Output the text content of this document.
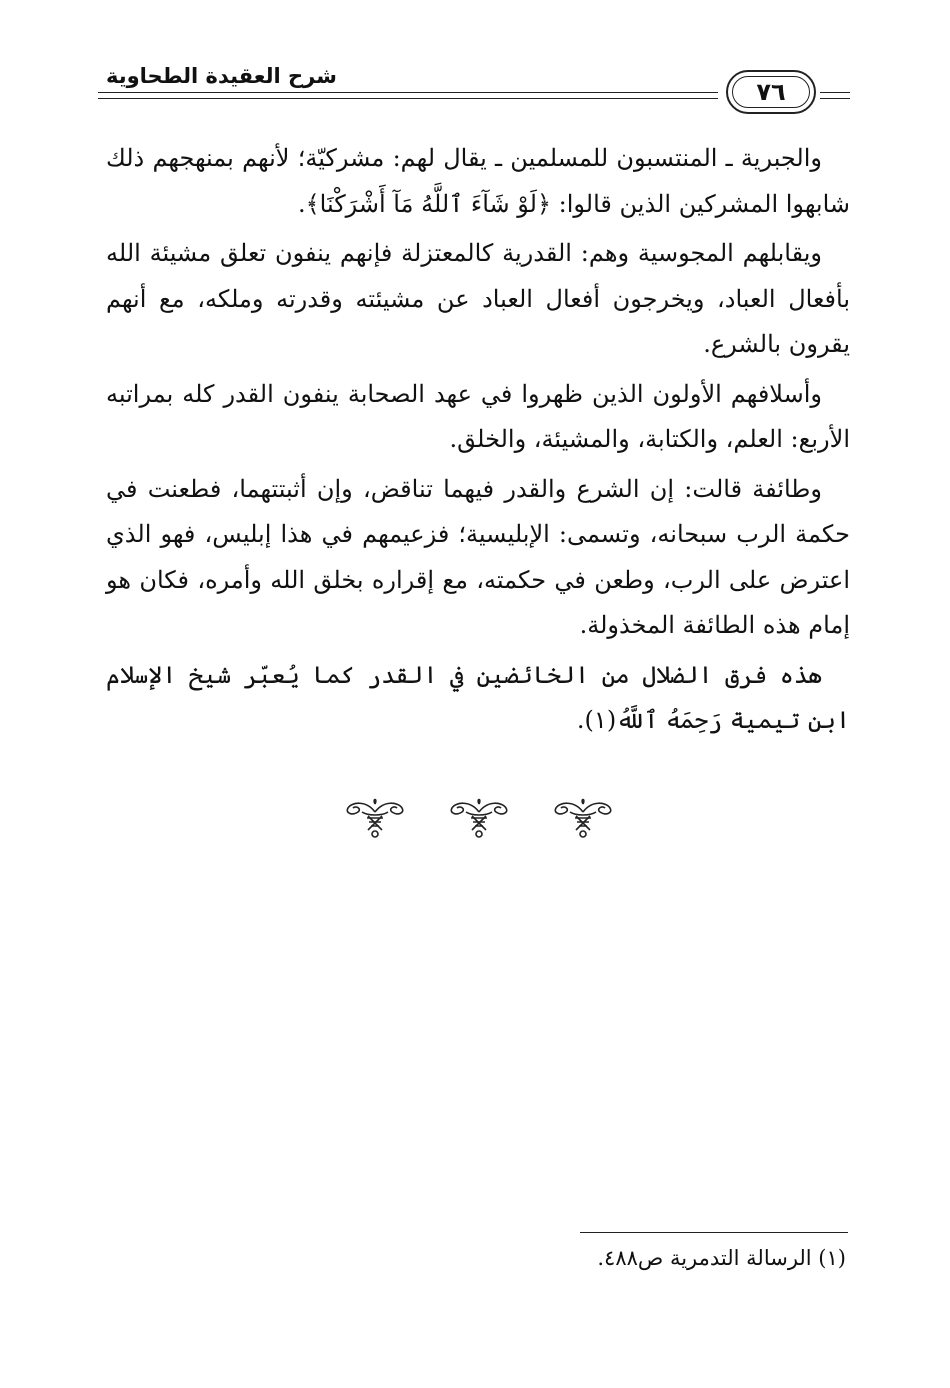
شرح العقيدة الطحاوية
٧٦

والجبرية ـ المنتسبون للمسلمين ـ يقال لهم: مشركيّة؛ لأنهم بمنهجهم ذلك شابهوا المشركين الذين قالوا: ﴿لَوْ شَآءَ ٱللَّهُ مَآ أَشْرَكْنَا﴾.

ويقابلهم المجوسية وهم: القدرية كالمعتزلة فإنهم ينفون تعلق مشيئة الله بأفعال العباد، ويخرجون أفعال العباد عن مشيئته وقدرته وملكه، مع أنهم يقرون بالشرع.

وأسلافهم الأولون الذين ظهروا في عهد الصحابة ينفون القدر كله بمراتبه الأربع: العلم، والكتابة، والمشيئة، والخلق.

وطائفة قالت: إن الشرع والقدر فيهما تناقض، وإن أثبتتهما، فطعنت في حكمة الرب سبحانه، وتسمى: الإبليسية؛ فزعيمهم في هذا إبليس، فهو الذي اعترض على الرب، وطعن في حكمته، مع إقراره بخلق الله وأمره، فكان هو إمام هذه الطائفة المخذولة.

هذه فرق الضلال من الخائضين في القدر كما يُعبّر شيخ الإسلام ابن تيمية رَحِمَهُ ٱللَّهُ(١).

(١) الرسالة التدمرية ص٤٨٨.
